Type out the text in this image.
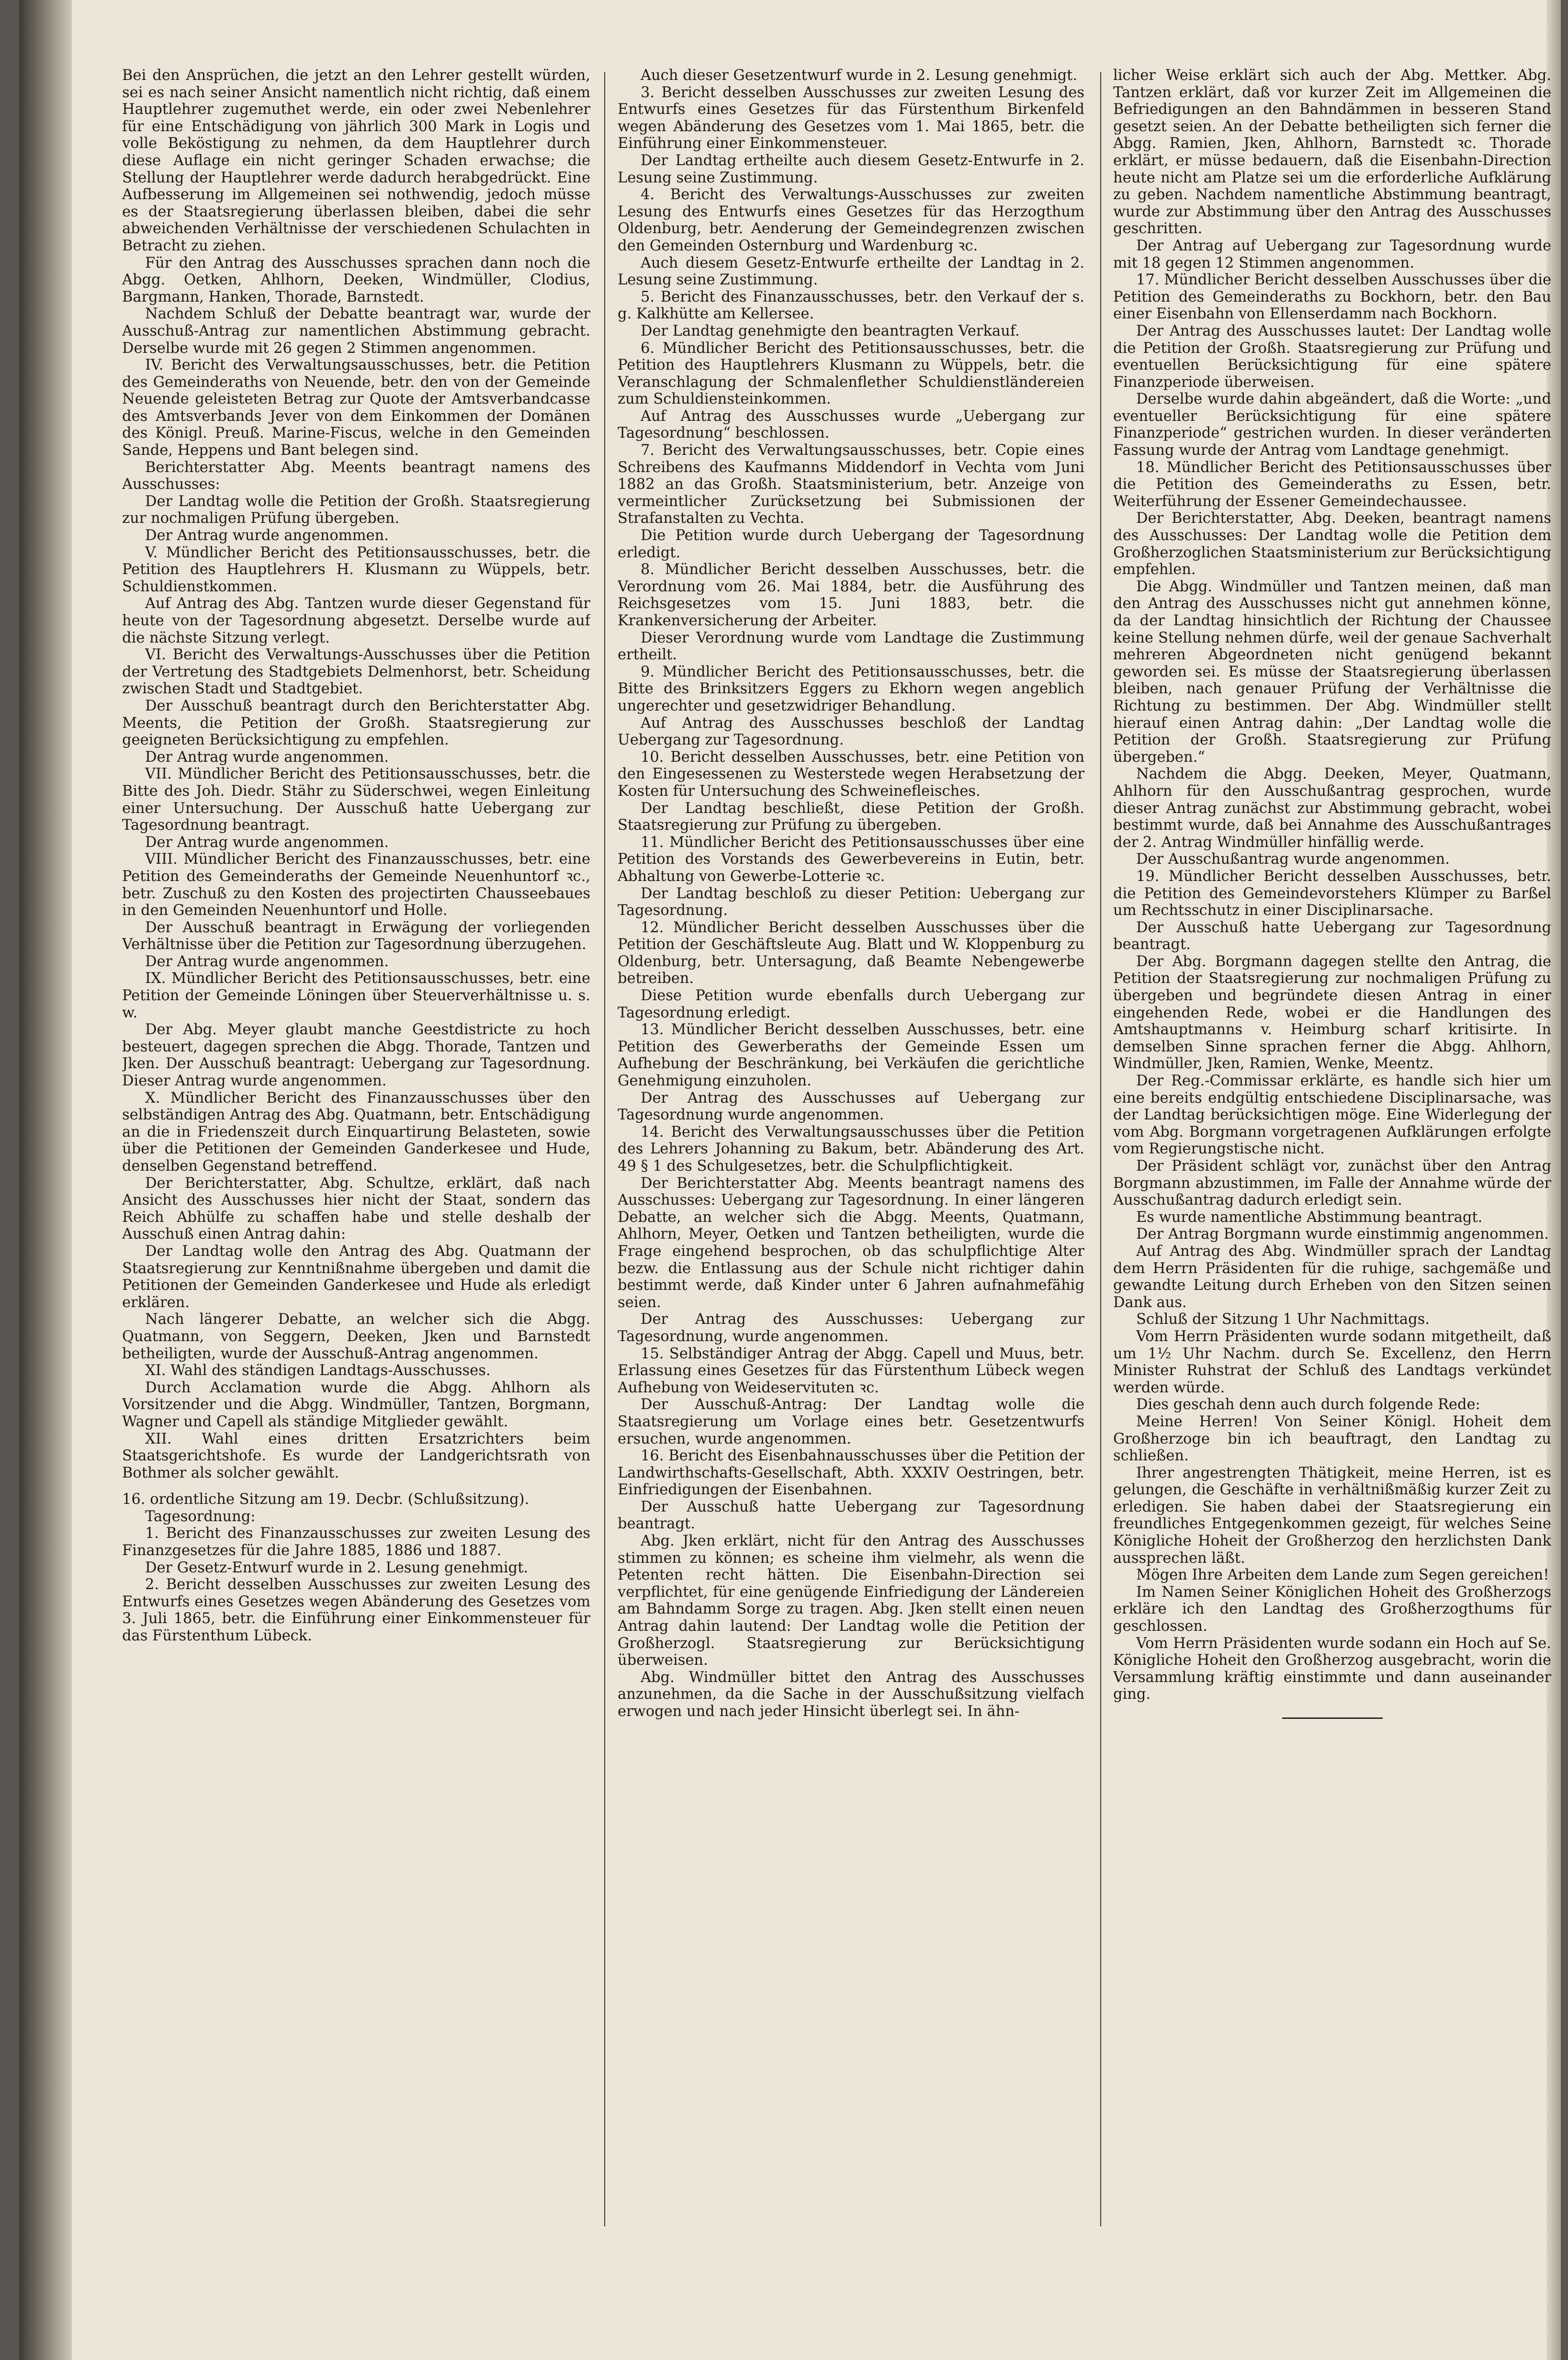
Bei den Ansprüchen, die jetzt an den Lehrer gestellt würden, sei es nach seiner Ansicht namentlich nicht richtig, daß einem Hauptlehrer zugemuthet werde, ein oder zwei Nebenlehrer für eine Entschädigung von jährlich 300 Mark in Logis und volle Beköstigung zu nehmen, da dem Hauptlehrer durch diese Auflage ein nicht geringer Schaden erwachse; die Stellung der Hauptlehrer werde dadurch herabgedrückt. Eine Aufbesserung im Allgemeinen sei nothwendig, jedoch müsse es der Staatsregierung überlassen bleiben, dabei die sehr abweichenden Verhältnisse der verschiedenen Schulachten in Betracht zu ziehen.

Für den Antrag des Ausschusses sprachen dann noch die Abgg. Oetken, Ahlhorn, Deeken, Windmüller, Clodius, Bargmann, Hanken, Thorade, Barnstedt.

Nachdem Schluß der Debatte beantragt war, wurde der Ausschuß-Antrag zur namentlichen Abstimmung gebracht. Derselbe wurde mit 26 gegen 2 Stimmen angenommen.

IV. Bericht des Verwaltungsausschusses, betr. die Petition des Gemeinderaths von Neuende, betr. den von der Gemeinde Neuende geleisteten Betrag zur Quote der Amtsverbandcasse des Amtsverbands Jever von dem Einkommen der Domänen des Königl. Preuß. Marine-Fiscus, welche in den Gemeinden Sande, Heppens und Bant belegen sind.

Berichterstatter Abg. Meents beantragt namens des Ausschusses:

Der Landtag wolle die Petition der Großh. Staatsregierung zur nochmaligen Prüfung übergeben.

Der Antrag wurde angenommen.

V. Mündlicher Bericht des Petitionsausschusses, betr. die Petition des Hauptlehrers H. Klusmann zu Wüppels, betr. Schuldienstkommen.

Auf Antrag des Abg. Tantzen wurde dieser Gegenstand für heute von der Tagesordnung abgesetzt. Derselbe wurde auf die nächste Sitzung verlegt.

VI. Bericht des Verwaltungs-Ausschusses über die Petition der Vertretung des Stadtgebiets Delmenhorst, betr. Scheidung zwischen Stadt und Stadtgebiet.

Der Ausschuß beantragt durch den Berichterstatter Abg. Meents, die Petition der Großh. Staatsregierung zur geeigneten Berücksichtigung zu empfehlen.

Der Antrag wurde angenommen.

VII. Mündlicher Bericht des Petitionsausschusses, betr. die Bitte des Joh. Diedr. Stähr zu Süderschwei, wegen Einleitung einer Untersuchung. Der Ausschuß hatte Uebergang zur Tagesordnung beantragt.

Der Antrag wurde angenommen.

VIII. Mündlicher Bericht des Finanzausschusses, betr. eine Petition des Gemeinderaths der Gemeinde Neuenhuntorf ꝛc., betr. Zuschuß zu den Kosten des projectirten Chausseebaues in den Gemeinden Neuenhuntorf und Holle.

Der Ausschuß beantragt in Erwägung der vorliegenden Verhältnisse über die Petition zur Tagesordnung überzugehen.

Der Antrag wurde angenommen.

IX. Mündlicher Bericht des Petitionsausschusses, betr. eine Petition der Gemeinde Löningen über Steuerverhältnisse u. s. w.

Der Abg. Meyer glaubt manche Geestdistricte zu hoch besteuert, dagegen sprechen die Abgg. Thorade, Tantzen und Jken. Der Ausschuß beantragt: Uebergang zur Tagesordnung. Dieser Antrag wurde angenommen.

X. Mündlicher Bericht des Finanzausschusses über den selbständigen Antrag des Abg. Quatmann, betr. Entschädigung an die in Friedenszeit durch Einquartirung Belasteten, sowie über die Petitionen der Gemeinden Ganderkesee und Hude, denselben Gegenstand betreffend.

Der Berichterstatter, Abg. Schultze, erklärt, daß nach Ansicht des Ausschusses hier nicht der Staat, sondern das Reich Abhülfe zu schaffen habe und stelle deshalb der Ausschuß einen Antrag dahin:

Der Landtag wolle den Antrag des Abg. Quatmann der Staatsregierung zur Kenntnißnahme übergeben und damit die Petitionen der Gemeinden Ganderkesee und Hude als erledigt erklären.

Nach längerer Debatte, an welcher sich die Abgg. Quatmann, von Seggern, Deeken, Jken und Barnstedt betheiligten, wurde der Ausschuß-Antrag angenommen.

XI. Wahl des ständigen Landtags-Ausschusses.

Durch Acclamation wurde die Abgg. Ahlhorn als Vorsitzender und die Abgg. Windmüller, Tantzen, Borgmann, Wagner und Capell als ständige Mitglieder gewählt.

XII. Wahl eines dritten Ersatzrichters beim Staatsgerichtshofe. Es wurde der Landgerichtsrath von Bothmer als solcher gewählt.

16. ordentliche Sitzung am 19. Decbr. (Schlußsitzung).

Tagesordnung:

1. Bericht des Finanzausschusses zur zweiten Lesung des Finanzgesetzes für die Jahre 1885, 1886 und 1887.

Der Gesetz-Entwurf wurde in 2. Lesung genehmigt.

2. Bericht desselben Ausschusses zur zweiten Lesung des Entwurfs eines Gesetzes wegen Abänderung des Gesetzes vom 3. Juli 1865, betr. die Einführung einer Einkommensteuer für das Fürstenthum Lübeck.

Auch dieser Gesetzentwurf wurde in 2. Lesung genehmigt.

3. Bericht desselben Ausschusses zur zweiten Lesung des Entwurfs eines Gesetzes für das Fürstenthum Birkenfeld wegen Abänderung des Gesetzes vom 1. Mai 1865, betr. die Einführung einer Einkommensteuer.

Der Landtag ertheilte auch diesem Gesetz-Entwurfe in 2. Lesung seine Zustimmung.

4. Bericht des Verwaltungs-Ausschusses zur zweiten Lesung des Entwurfs eines Gesetzes für das Herzogthum Oldenburg, betr. Aenderung der Gemeindegrenzen zwischen den Gemeinden Osternburg und Wardenburg ꝛc.

Auch diesem Gesetz-Entwurfe ertheilte der Landtag in 2. Lesung seine Zustimmung.

5. Bericht des Finanzausschusses, betr. den Verkauf der s. g. Kalkhütte am Kellersee.

Der Landtag genehmigte den beantragten Verkauf.

6. Mündlicher Bericht des Petitionsausschusses, betr. die Petition des Hauptlehrers Klusmann zu Wüppels, betr. die Veranschlagung der Schmalenflether Schuldienstländereien zum Schuldiensteinkommen.

Auf Antrag des Ausschusses wurde „Uebergang zur Tagesordnung“ beschlossen.

7. Bericht des Verwaltungsausschusses, betr. Copie eines Schreibens des Kaufmanns Middendorf in Vechta vom Juni 1882 an das Großh. Staatsministerium, betr. Anzeige von vermeintlicher Zurücksetzung bei Submissionen der Strafanstalten zu Vechta.

Die Petition wurde durch Uebergang der Tagesordnung erledigt.

8. Mündlicher Bericht desselben Ausschusses, betr. die Verordnung vom 26. Mai 1884, betr. die Ausführung des Reichsgesetzes vom 15. Juni 1883, betr. die Krankenversicherung der Arbeiter.

Dieser Verordnung wurde vom Landtage die Zustimmung ertheilt.

9. Mündlicher Bericht des Petitionsausschusses, betr. die Bitte des Brinksitzers Eggers zu Ekhorn wegen angeblich ungerechter und gesetzwidriger Behandlung.

Auf Antrag des Ausschusses beschloß der Landtag Uebergang zur Tagesordnung.

10. Bericht desselben Ausschusses, betr. eine Petition von den Eingesessenen zu Westerstede wegen Herabsetzung der Kosten für Untersuchung des Schweinefleisches.

Der Landtag beschließt, diese Petition der Großh. Staatsregierung zur Prüfung zu übergeben.

11. Mündlicher Bericht des Petitionsausschusses über eine Petition des Vorstands des Gewerbevereins in Eutin, betr. Abhaltung von Gewerbe-Lotterie ꝛc.

Der Landtag beschloß zu dieser Petition: Uebergang zur Tagesordnung.

12. Mündlicher Bericht desselben Ausschusses über die Petition der Geschäftsleute Aug. Blatt und W. Kloppenburg zu Oldenburg, betr. Untersagung, daß Beamte Nebengewerbe betreiben.

Diese Petition wurde ebenfalls durch Uebergang zur Tagesordnung erledigt.

13. Mündlicher Bericht desselben Ausschusses, betr. eine Petition des Gewerberaths der Gemeinde Essen um Aufhebung der Beschränkung, bei Verkäufen die gerichtliche Genehmigung einzuholen.

Der Antrag des Ausschusses auf Uebergang zur Tagesordnung wurde angenommen.

14. Bericht des Verwaltungsausschusses über die Petition des Lehrers Johanning zu Bakum, betr. Abänderung des Art. 49 § 1 des Schulgesetzes, betr. die Schulpflichtigkeit.

Der Berichterstatter Abg. Meents beantragt namens des Ausschusses: Uebergang zur Tagesordnung. In einer längeren Debatte, an welcher sich die Abgg. Meents, Quatmann, Ahlhorn, Meyer, Oetken und Tantzen betheiligten, wurde die Frage eingehend besprochen, ob das schulpflichtige Alter bezw. die Entlassung aus der Schule nicht richtiger dahin bestimmt werde, daß Kinder unter 6 Jahren aufnahmefähig seien.

Der Antrag des Ausschusses: Uebergang zur Tagesordnung, wurde angenommen.

15. Selbständiger Antrag der Abgg. Capell und Muus, betr. Erlassung eines Gesetzes für das Fürstenthum Lübeck wegen Aufhebung von Weideservituten ꝛc.

Der Ausschuß-Antrag: Der Landtag wolle die Staatsregierung um Vorlage eines betr. Gesetzentwurfs ersuchen, wurde angenommen.

16. Bericht des Eisenbahnausschusses über die Petition der Landwirthschafts-Gesellschaft, Abth. XXXIV Oestringen, betr. Einfriedigungen der Eisenbahnen.

Der Ausschuß hatte Uebergang zur Tagesordnung beantragt.

Abg. Jken erklärt, nicht für den Antrag des Ausschusses stimmen zu können; es scheine ihm vielmehr, als wenn die Petenten recht hätten. Die Eisenbahn-Direction sei verpflichtet, für eine genügende Einfriedigung der Ländereien am Bahndamm Sorge zu tragen. Abg. Jken stellt einen neuen Antrag dahin lautend: Der Landtag wolle die Petition der Großherzogl. Staatsregierung zur Berücksichtigung überweisen.

Abg. Windmüller bittet den Antrag des Ausschusses anzunehmen, da die Sache in der Ausschußsitzung vielfach erwogen und nach jeder Hinsicht überlegt sei. In ähn-

licher Weise erklärt sich auch der Abg. Mettker. Abg. Tantzen erklärt, daß vor kurzer Zeit im Allgemeinen die Befriedigungen an den Bahndämmen in besseren Stand gesetzt seien. An der Debatte betheiligten sich ferner die Abgg. Ramien, Jken, Ahlhorn, Barnstedt ꝛc. Thorade erklärt, er müsse bedauern, daß die Eisenbahn-Direction heute nicht am Platze sei um die erforderliche Aufklärung zu geben. Nachdem namentliche Abstimmung beantragt, wurde zur Abstimmung über den Antrag des Ausschusses geschritten.

Der Antrag auf Uebergang zur Tagesordnung wurde mit 18 gegen 12 Stimmen angenommen.

17. Mündlicher Bericht desselben Ausschusses über die Petition des Gemeinderaths zu Bockhorn, betr. den Bau einer Eisenbahn von Ellenserdamm nach Bockhorn.

Der Antrag des Ausschusses lautet: Der Landtag wolle die Petition der Großh. Staatsregierung zur Prüfung und eventuellen Berücksichtigung für eine spätere Finanzperiode überweisen.

Derselbe wurde dahin abgeändert, daß die Worte: „und eventueller Berücksichtigung für eine spätere Finanzperiode“ gestrichen wurden. In dieser veränderten Fassung wurde der Antrag vom Landtage genehmigt.

18. Mündlicher Bericht des Petitionsausschusses über die Petition des Gemeinderaths zu Essen, betr. Weiterführung der Essener Gemeindechaussee.

Der Berichterstatter, Abg. Deeken, beantragt namens des Ausschusses: Der Landtag wolle die Petition dem Großherzoglichen Staatsministerium zur Berücksichtigung empfehlen.

Die Abgg. Windmüller und Tantzen meinen, daß man den Antrag des Ausschusses nicht gut annehmen könne, da der Landtag hinsichtlich der Richtung der Chaussee keine Stellung nehmen dürfe, weil der genaue Sachverhalt mehreren Abgeordneten nicht genügend bekannt geworden sei. Es müsse der Staatsregierung überlassen bleiben, nach genauer Prüfung der Verhältnisse die Richtung zu bestimmen. Der Abg. Windmüller stellt hierauf einen Antrag dahin: „Der Landtag wolle die Petition der Großh. Staatsregierung zur Prüfung übergeben.“

Nachdem die Abgg. Deeken, Meyer, Quatmann, Ahlhorn für den Ausschußantrag gesprochen, wurde dieser Antrag zunächst zur Abstimmung gebracht, wobei bestimmt wurde, daß bei Annahme des Ausschußantrages der 2. Antrag Windmüller hinfällig werde.

Der Ausschußantrag wurde angenommen.

19. Mündlicher Bericht desselben Ausschusses, betr. die Petition des Gemeindevorstehers Klümper zu Barßel um Rechtsschutz in einer Disciplinarsache.

Der Ausschuß hatte Uebergang zur Tagesordnung beantragt.

Der Abg. Borgmann dagegen stellte den Antrag, die Petition der Staatsregierung zur nochmaligen Prüfung zu übergeben und begründete diesen Antrag in einer eingehenden Rede, wobei er die Handlungen des Amtshauptmanns v. Heimburg scharf kritisirte. In demselben Sinne sprachen ferner die Abgg. Ahlhorn, Windmüller, Jken, Ramien, Wenke, Meentz.

Der Reg.-Commissar erklärte, es handle sich hier um eine bereits endgültig entschiedene Disciplinarsache, was der Landtag berücksichtigen möge. Eine Widerlegung der vom Abg. Borgmann vorgetragenen Aufklärungen erfolgte vom Regierungstische nicht.

Der Präsident schlägt vor, zunächst über den Antrag Borgmann abzustimmen, im Falle der Annahme würde der Ausschußantrag dadurch erledigt sein.

Es wurde namentliche Abstimmung beantragt.

Der Antrag Borgmann wurde einstimmig angenommen.

Auf Antrag des Abg. Windmüller sprach der Landtag dem Herrn Präsidenten für die ruhige, sachgemäße und gewandte Leitung durch Erheben von den Sitzen seinen Dank aus.

Schluß der Sitzung 1 Uhr Nachmittags.

Vom Herrn Präsidenten wurde sodann mitgetheilt, daß um 1½ Uhr Nachm. durch Se. Excellenz, den Herrn Minister Ruhstrat der Schluß des Landtags verkündet werden würde.

Dies geschah denn auch durch folgende Rede:

Meine Herren! Von Seiner Königl. Hoheit dem Großherzoge bin ich beauftragt, den Landtag zu schließen.

Ihrer angestrengten Thätigkeit, meine Herren, ist es gelungen, die Geschäfte in verhältnißmäßig kurzer Zeit zu erledigen. Sie haben dabei der Staatsregierung ein freundliches Entgegenkommen gezeigt, für welches Seine Königliche Hoheit der Großherzog den herzlichsten Dank aussprechen läßt.

Mögen Ihre Arbeiten dem Lande zum Segen gereichen!

Im Namen Seiner Königlichen Hoheit des Großherzogs erkläre ich den Landtag des Großherzogthums für geschlossen.

Vom Herrn Präsidenten wurde sodann ein Hoch auf Se. Königliche Hoheit den Großherzog ausgebracht, worin die Versammlung kräftig einstimmte und dann auseinander ging.
